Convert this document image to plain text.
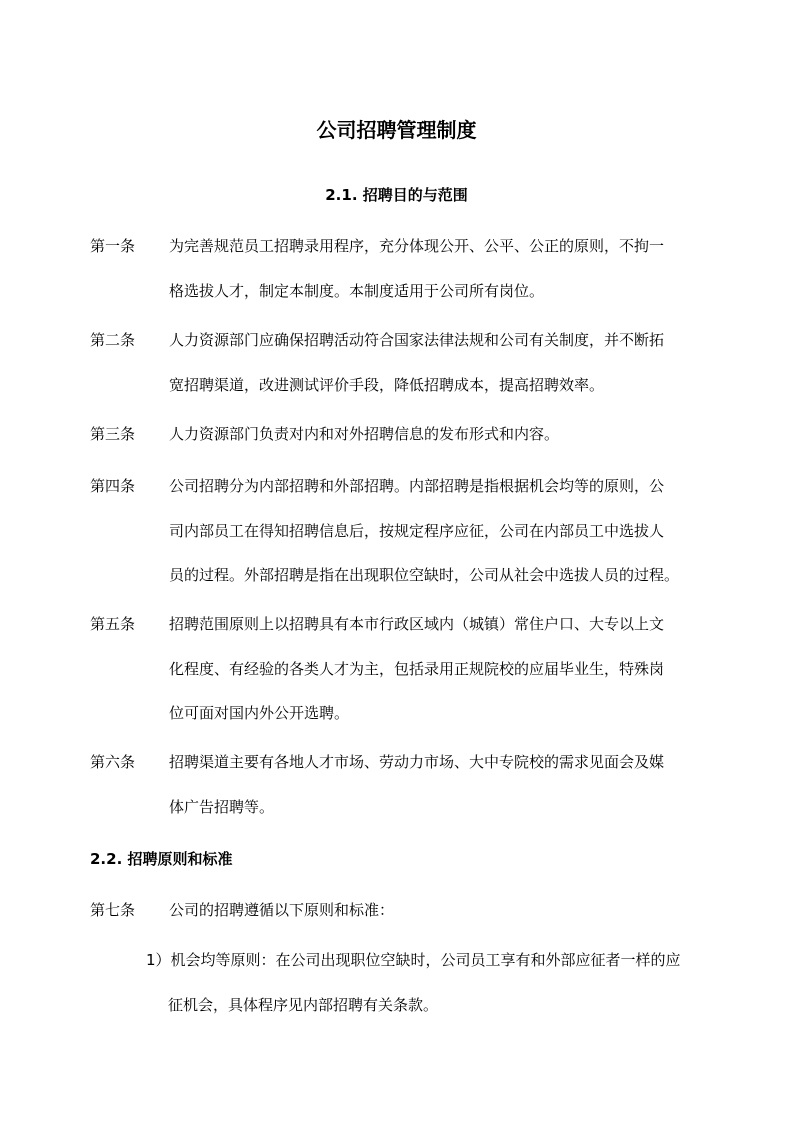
公司招聘管理制度
2.1. 招聘目的与范围
第一条 为完善规范员工招聘录用程序，充分体现公开、公平、公正的原则，不拘一
格选拔人才，制定本制度。本制度适用于公司所有岗位。
第二条 人力资源部门应确保招聘活动符合国家法律法规和公司有关制度，并不断拓
宽招聘渠道，改进测试评价手段，降低招聘成本，提高招聘效率。
第三条 人力资源部门负责对内和对外招聘信息的发布形式和内容。
第四条 公司招聘分为内部招聘和外部招聘。内部招聘是指根据机会均等的原则，公
司内部员工在得知招聘信息后，按规定程序应征，公司在内部员工中选拔人
员的过程。外部招聘是指在出现职位空缺时，公司从社会中选拔人员的过程。
第五条 招聘范围原则上以招聘具有本市行政区域内（城镇）常住户口、大专以上文
化程度、有经验的各类人才为主，包括录用正规院校的应届毕业生，特殊岗
位可面对国内外公开选聘。
第六条 招聘渠道主要有各地人才市场、劳动力市场、大中专院校的需求见面会及媒
体广告招聘等。
2.2. 招聘原则和标准
第七条 公司的招聘遵循以下原则和标准：
1）机会均等原则：在公司出现职位空缺时，公司员工享有和外部应征者一样的应
征机会，具体程序见内部招聘有关条款。
